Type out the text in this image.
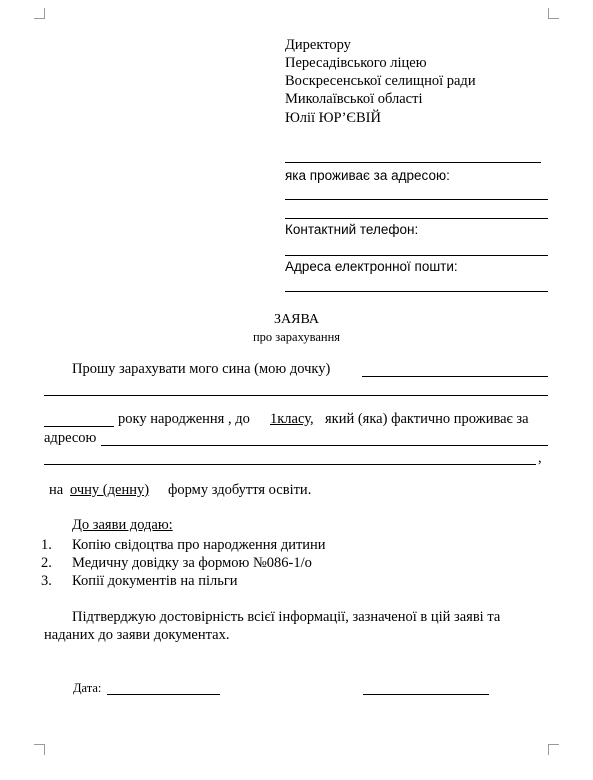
Директору
Пересадівського ліцею
Воскресенської селищної ради
Миколаївської області
Юлії ЮР’ЄВІЙ
яка проживає за адресою:
Контактний телефон:
Адреса електронної пошти:
ЗАЯВА
про зарахування
Прошу зарахувати мого сина (мою дочку)
року народження , до 1класу, який (яка) фактично проживає за
адресою
,
на очну (денну) форму здобуття освіти.
До заяви додаю:
1. Копію свідоцтва про народження дитини
2. Медичну довідку за формою №086-1/о
3. Копії документів на пільги
Підтверджую достовірність всієї інформації, зазначеної в цій заяві та
наданих до заяви документах.
Дата:
